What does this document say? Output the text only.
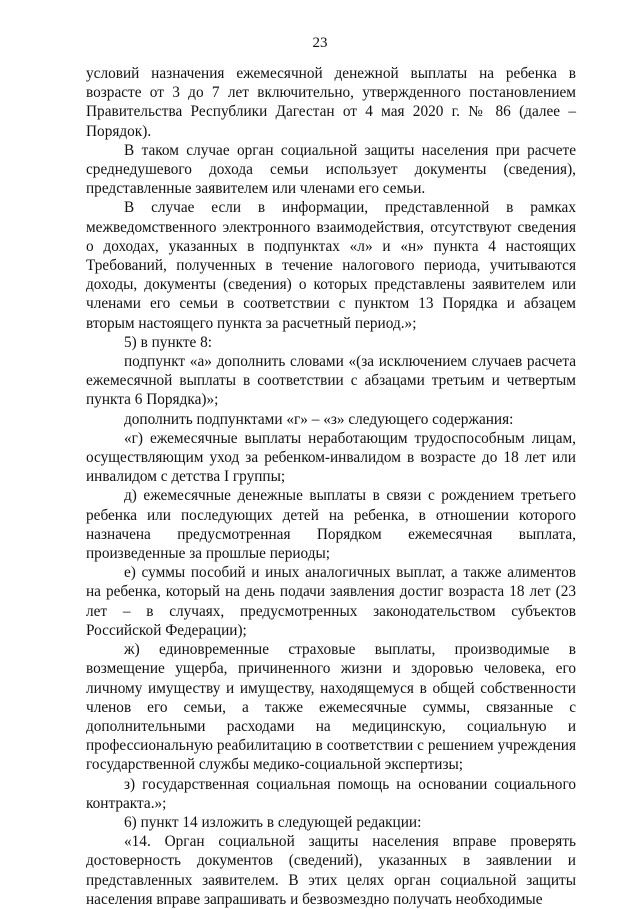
23

условий назначения ежемесячной денежной выплаты на ребенка в возрасте от 3 до 7 лет включительно, утвержденного постановлением Правительства Республики Дагестан от 4 мая 2020 г. № 86 (далее – Порядок).

В таком случае орган социальной защиты населения при расчете среднедушевого дохода семьи использует документы (сведения), представленные заявителем или членами его семьи.

В случае если в информации, представленной в рамках межведомственного электронного взаимодействия, отсутствуют сведения о доходах, указанных в подпунктах «л» и «н» пункта 4 настоящих Требований, полученных в течение налогового периода, учитываются доходы, документы (сведения) о которых представлены заявителем или членами его семьи в соответствии с пунктом 13 Порядка и абзацем вторым настоящего пункта за расчетный период.»;

5) в пункте 8:

подпункт «а» дополнить словами «(за исключением случаев расчета ежемесячной выплаты в соответствии с абзацами третьим и четвертым пункта 6 Порядка)»;

дополнить подпунктами «г» – «з» следующего содержания:

«г) ежемесячные выплаты неработающим трудоспособным лицам, осуществляющим уход за ребенком-инвалидом в возрасте до 18 лет или инвалидом с детства I группы;

д) ежемесячные денежные выплаты в связи с рождением третьего ребенка или последующих детей на ребенка, в отношении которого назначена предусмотренная Порядком ежемесячная выплата, произведенные за прошлые периоды;

е) суммы пособий и иных аналогичных выплат, а также алиментов на ребенка, который на день подачи заявления достиг возраста 18 лет (23 лет – в случаях, предусмотренных законодательством субъектов Российской Федерации);

ж) единовременные страховые выплаты, производимые в возмещение ущерба, причиненного жизни и здоровью человека, его личному имуществу и имуществу, находящемуся в общей собственности членов его семьи, а также ежемесячные суммы, связанные с дополнительными расходами на медицинскую, социальную и профессиональную реабилитацию в соответствии с решением учреждения государственной службы медико-социальной экспертизы;

з) государственная социальная помощь на основании социального контракта.»;

6) пункт 14 изложить в следующей редакции:

«14. Орган социальной защиты населения вправе проверять достоверность документов (сведений), указанных в заявлении и представленных заявителем. В этих целях орган социальной защиты населения вправе запрашивать и безвозмездно получать необходимые
